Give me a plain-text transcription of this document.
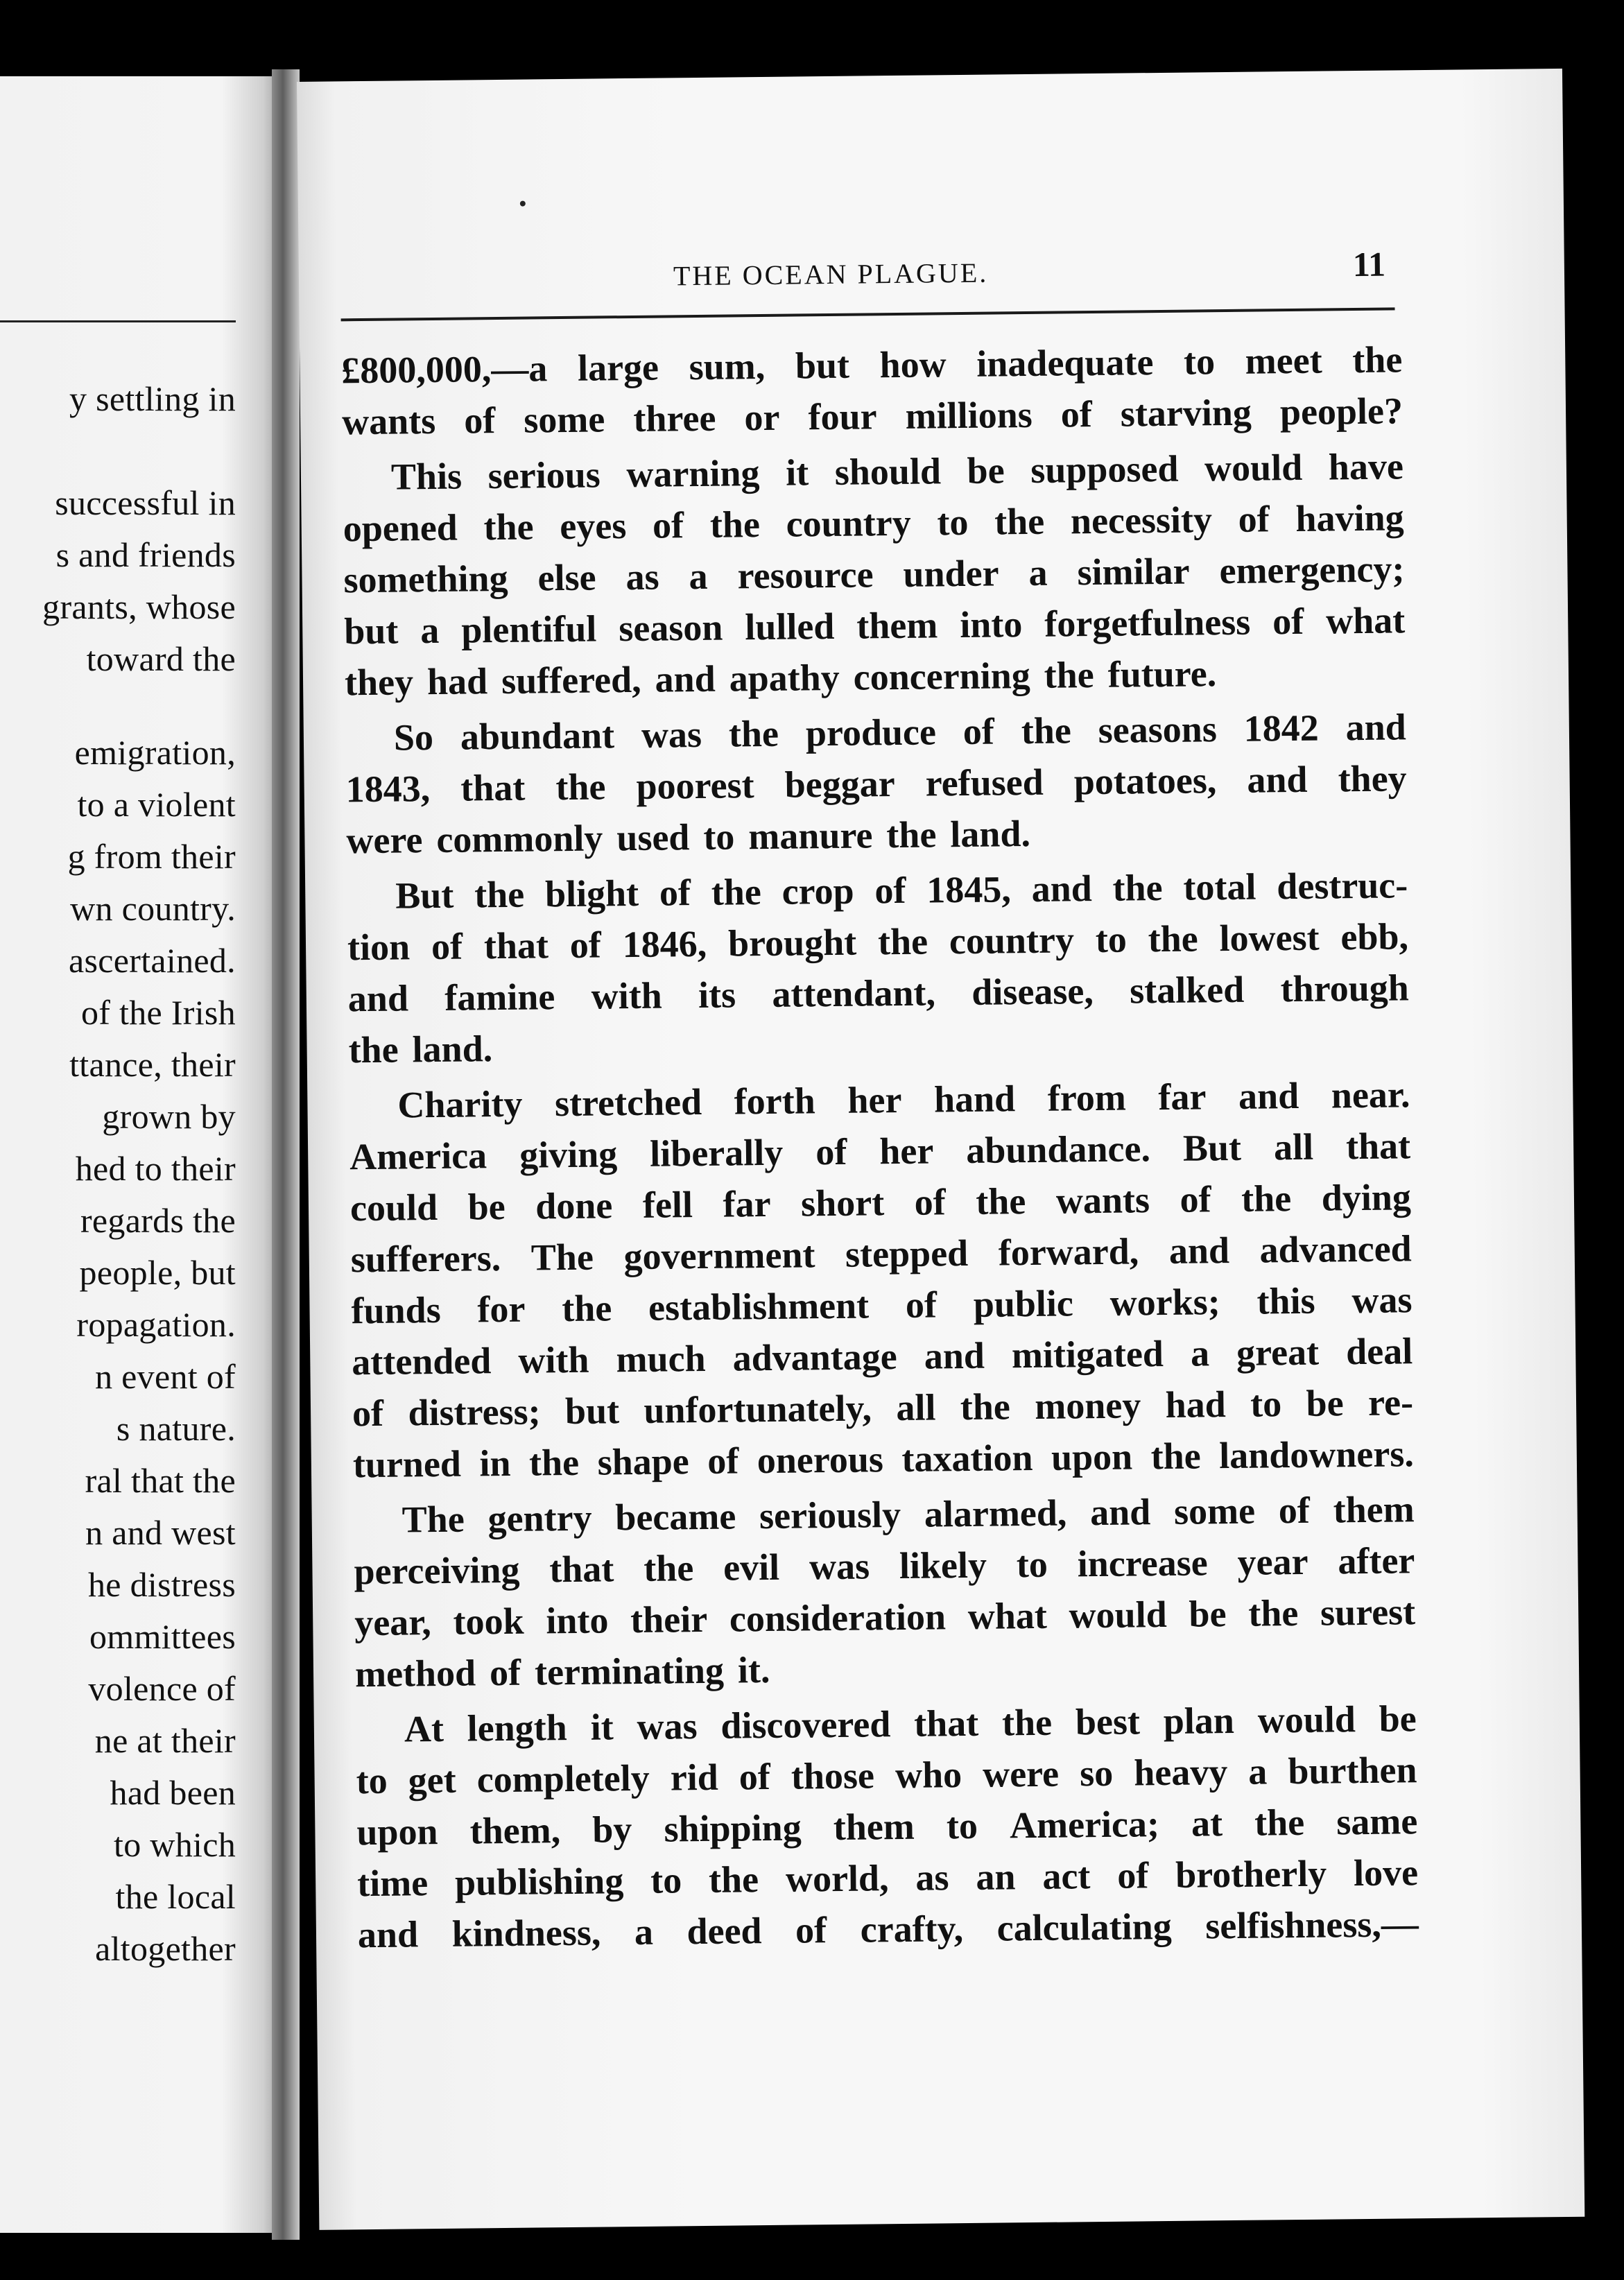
y settling in
successful in
s and friends
grants, whose
toward the
emigration,
to a violent
g from their
wn country.
ascertained.
of the Irish
ttance, their
grown by
hed to their
regards the
people, but
ropagation.
n event of
s nature.
ral that the
n and west
he distress
ommittees
volence of
ne at their
had been
to which
the local
altogether
THE OCEAN PLAGUE.	11
£800,000,—a large sum, but how inadequate to meet the
wants of some three or four millions of starving people?
This serious warning it should be supposed would have
opened the eyes of the country to the necessity of having
something else as a resource under a similar emergency;
but a plentiful season lulled them into forgetfulness of what
they had suffered, and apathy concerning the future.
So abundant was the produce of the seasons 1842 and
1843, that the poorest beggar refused potatoes, and they
were commonly used to manure the land.
But the blight of the crop of 1845, and the total destruc-
tion of that of 1846, brought the country to the lowest ebb,
and famine with its attendant, disease, stalked through
the land.
Charity stretched forth her hand from far and near.
America giving liberally of her abundance. But all that
could be done fell far short of the wants of the dying
sufferers. The government stepped forward, and advanced
funds for the establishment of public works; this was
attended with much advantage and mitigated a great deal
of distress; but unfortunately, all the money had to be re-
turned in the shape of onerous taxation upon the landowners.
The gentry became seriously alarmed, and some of them
perceiving that the evil was likely to increase year after
year, took into their consideration what would be the surest
method of terminating it.
At length it was discovered that the best plan would be
to get completely rid of those who were so heavy a burthen
upon them, by shipping them to America; at the same
time publishing to the world, as an act of brotherly love
and kindness, a deed of crafty, calculating selfishness,—
